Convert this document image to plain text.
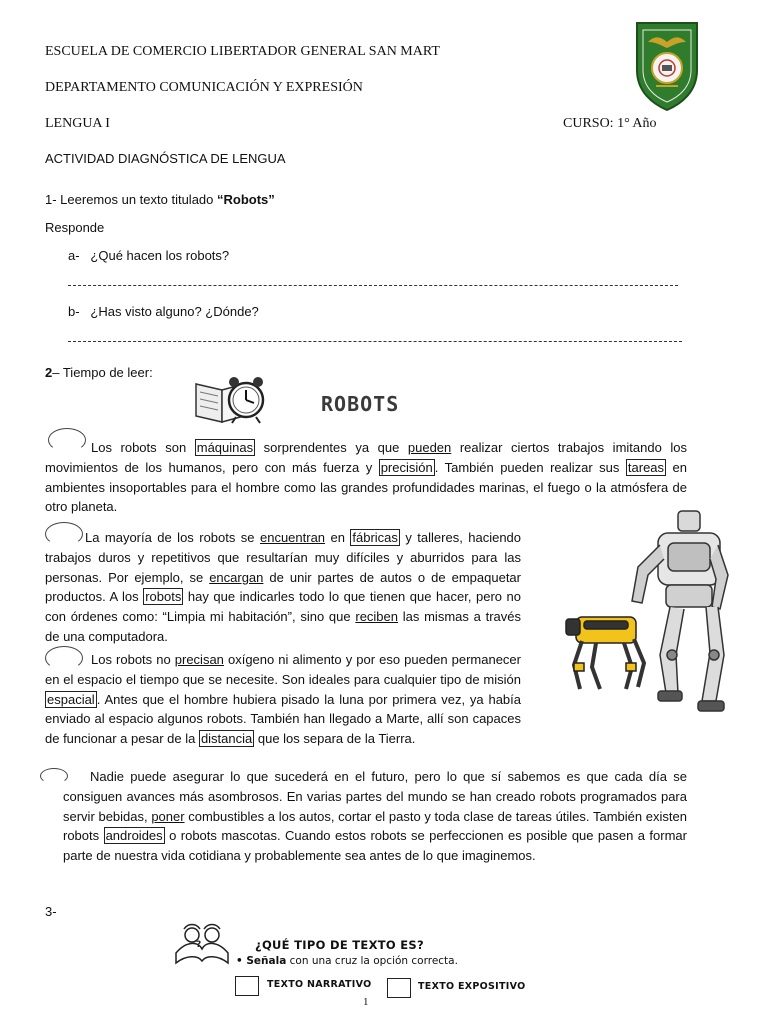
ESCUELA DE COMERCIO LIBERTADOR GENERAL SAN MART
DEPARTAMENTO COMUNICACIÓN Y EXPRESIÓN
LENGUA I	CURSO: 1° Año
ACTIVIDAD DIAGNÓSTICA DE LENGUA
1- Leeremos un texto titulado “Robots”
Responde
a- ¿Qué hacen los robots?
b- ¿Has visto alguno? ¿Dónde?
2– Tiempo de leer:
ROBOTS

Los robots son máquinas sorprendentes ya que pueden realizar ciertos trabajos imitando los movimientos de los humanos, pero con más fuerza y precisión . También pueden realizar sus tareas en ambientes insoportables para el hombre como las grandes profundidades marinas, el fuego o la atmósfera de otro planeta.

La mayoría de los robots se encuentran en fábricas y talleres, haciendo trabajos duros y repetitivos que resultarían muy difíciles y aburridos para las personas. Por ejemplo, se encargan de unir partes de autos o de empaquetar productos. A los robots hay que indicarles todo lo que tienen que hacer, pero no con órdenes como: “Limpia mi habitación”, sino que reciben las mismas a través de una computadora.

Los robots no precisan oxígeno ni alimento y por eso pueden permanecer en el espacio el tiempo que se necesite. Son ideales para cualquier tipo de misión espacial . Antes que el hombre hubiera pisado la luna por primera vez, ya había enviado al espacio algunos robots. También han llegado a Marte, allí son capaces de funcionar a pesar de la distancia que los separa de la Tierra.

Nadie puede asegurar lo que sucederá en el futuro, pero lo que sí sabemos es que cada día se consiguen avances más asombrosos. En varias partes del mundo se han creado robots programados para servir bebidas, poner combustibles a los autos, cortar el pasto y toda clase de tareas útiles. También existen robots androides o robots mascotas. Cuando estos robots se perfeccionen es posible que pasen a formar parte de nuestra vida cotidiana y probablemente sea antes de lo que imaginemos.

3-
?	¿QUÉ TIPO DE TEXTO ES?
• Señala con una cruz la opción correcta.
TEXTO NARRATIVO	TEXTO EXPOSITIVO
1
